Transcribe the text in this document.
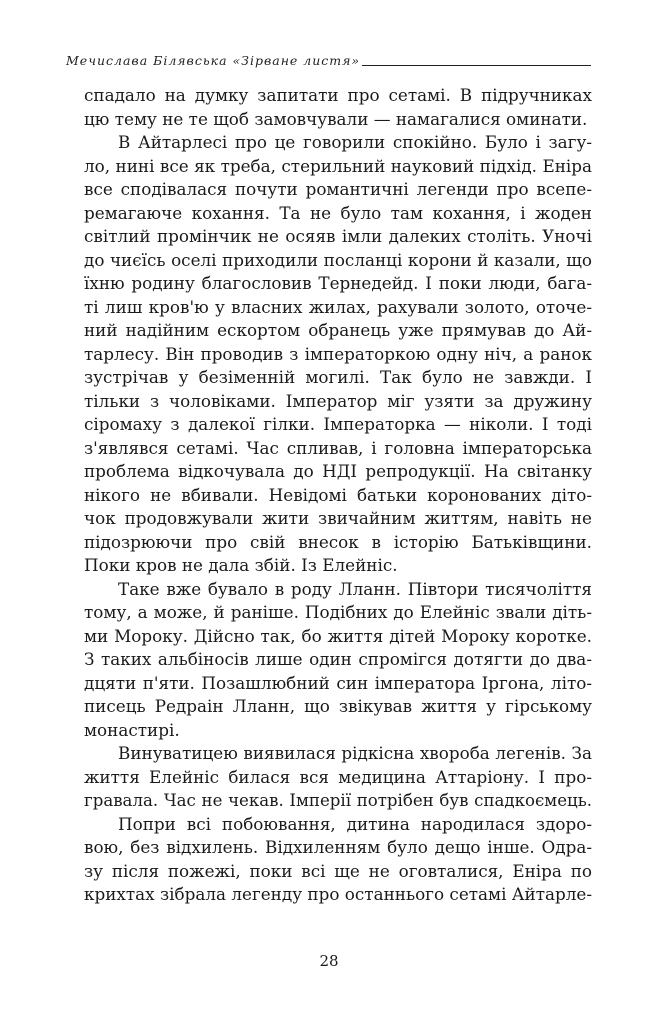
Мечислава Білявська «Зірване листя»
спадало на думку запитати про сетамі. В підручниках
цю тему не те щоб замовчували — намагалися оминати.
В Айтарлесі про це говорили спокійно. Було і загу-
ло, нині все як треба, стерильний науковий підхід. Еніра
все сподівалася почути романтичні легенди про всепе-
ремагаюче кохання. Та не було там кохання, і жоден
світлий промінчик не осяяв імли далеких століть. Уночі
до чиєїсь оселі приходили посланці корони й казали, що
їхню родину благословив Тернедейд. І поки люди, бага-
ті лиш кров'ю у власних жилах, рахували золото, оточе-
ний надійним ескортом обранець уже прямував до Ай-
тарлесу. Він проводив з імператоркою одну ніч, а ранок
зустрічав у безіменній могилі. Так було не завжди. І
тільки з чоловіками. Імператор міг узяти за дружину
сіромаху з далекої гілки. Імператорка — ніколи. І тоді
з'являвся сетамі. Час спливав, і головна імператорська
проблема відкочувала до НДІ репродукції. На світанку
нікого не вбивали. Невідомі батьки коронованих діто-
чок продовжували жити звичайним життям, навіть не
підозрюючи про свій внесок в історію Батьківщини.
Поки кров не дала збій. Із Елейніс.
Таке вже бувало в роду Лланн. Півтори тисячоліття
тому, а може, й раніше. Подібних до Елейніс звали діть-
ми Мороку. Дійсно так, бо життя дітей Мороку коротке.
З таких альбіносів лише один спромігся дотягти до два-
дцяти п'яти. Позашлюбний син імператора Іргона, літо-
писець Редраін Лланн, що звікував життя у гірському
монастирі.
Винуватицею виявилася рідкісна хвороба легенів. За
життя Елейніс билася вся медицина Аттаріону. І про-
гравала. Час не чекав. Імперії потрібен був спадкоємець.
Попри всі побоювання, дитина народилася здоро-
вою, без відхилень. Відхиленням було дещо інше. Одра-
зу після пожежі, поки всі ще не оговталися, Еніра по
крихтах зібрала легенду про останнього сетамі Айтарле-
28
